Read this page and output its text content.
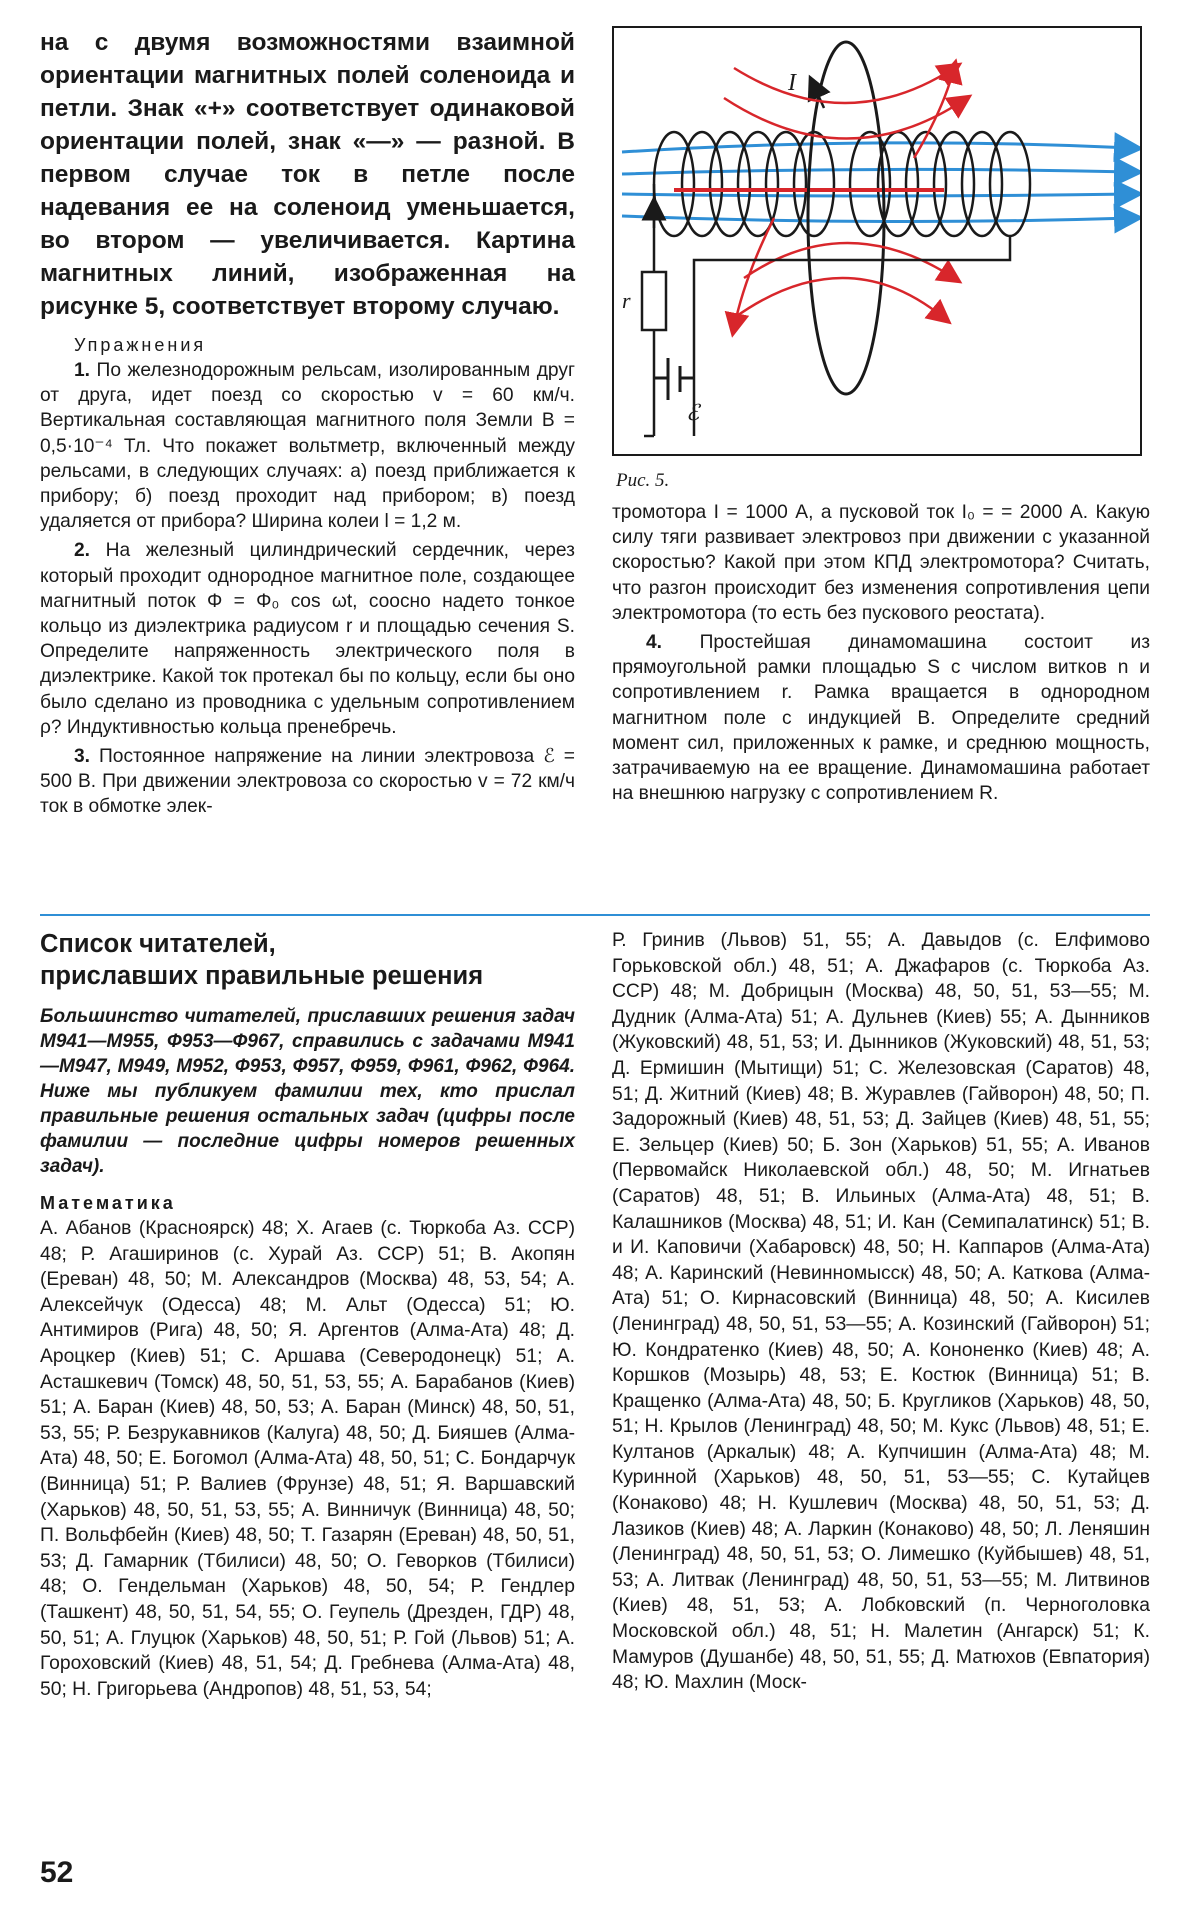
на с двумя возможностями взаимной ориентации магнитных полей соленоида и петли. Знак «+» соответствует одинаковой ориентации полей, знак «—» — разной. В первом случае ток в петле после надевания ее на соленоид уменьшается, во втором — увеличивается. Картина магнитных линий, изображенная на рисунке 5, соответствует второму случаю.

Упражнения

1. По железнодорожным рельсам, изолированным друг от друга, идет поезд со скоростью v = 60 км/ч. Вертикальная составляющая магнитного поля Земли B = 0,5·10⁻⁴ Тл. Что покажет вольтметр, включенный между рельсами, в следующих случаях: а) поезд приближается к прибору; б) поезд проходит над прибором; в) поезд удаляется от прибора? Ширина колеи l = 1,2 м.

2. На железный цилиндрический сердечник, через который проходит однородное магнитное поле, создающее магнитный поток Φ = Φ₀ cos ωt, соосно надето тонкое кольцо из диэлектрика радиусом r и площадью сечения S. Определите напряженность электрического поля в диэлектрике. Какой ток протекал бы по кольцу, если бы оно было сделано из проводника с удельным сопротивлением ρ? Индуктивностью кольца пренебречь.

3. Постоянное напряжение на линии электровоза ℰ = 500 В. При движении электровоза со скоростью v = 72 км/ч ток в обмотке элек-

I
r
ℰ
Рис. 5.

тромотора I = 1000 А, а пусковой ток I₀ = = 2000 А. Какую силу тяги развивает электровоз при движении с указанной скоростью? Какой при этом КПД электромотора? Считать, что разгон происходит без изменения сопротивления цепи электромотора (то есть без пускового реостата).

4. Простейшая динамомашина состоит из прямоугольной рамки площадью S с числом витков n и сопротивлением r. Рамка вращается в однородном магнитном поле с индукцией B. Определите средний момент сил, приложенных к рамке, и среднюю мощность, затрачиваемую на ее вращение. Динамомашина работает на внешнюю нагрузку с сопротивлением R.

Список читателей,
приславших правильные решения

Большинство читателей, приславших решения задач М941—М955, Ф953—Ф967, справились с задачами М941—М947, М949, М952, Ф953, Ф957, Ф959, Ф961, Ф962, Ф964. Ниже мы публикуем фамилии тех, кто прислал правильные решения остальных задач (цифры после фамилии — последние цифры номеров решенных задач).

Математика

А. Абанов (Красноярск) 48; Х. Агаев (с. Тюркоба Аз. ССР) 48; Р. Агаширинов (с. Хурай Аз. ССР) 51; В. Акопян (Ереван) 48, 50; М. Александров (Москва) 48, 53, 54; А. Алексейчук (Одесса) 48; М. Альт (Одесса) 51; Ю. Антимиров (Рига) 48, 50; Я. Аргентов (Алма-Ата) 48; Д. Ароцкер (Киев) 51; С. Аршава (Северодонецк) 51; А. Асташкевич (Томск) 48, 50, 51, 53, 55; А. Барабанов (Киев) 51; А. Баран (Киев) 48, 50, 53; А. Баран (Минск) 48, 50, 51, 53, 55; Р. Безрукавников (Калуга) 48, 50; Д. Бияшев (Алма-Ата) 48, 50; Е. Богомол (Алма-Ата) 48, 50, 51; С. Бондарчук (Винница) 51; Р. Валиев (Фрунзе) 48, 51; Я. Варшавский (Харьков) 48, 50, 51, 53, 55; А. Винничук (Винница) 48, 50; П. Вольфбейн (Киев) 48, 50; Т. Газарян (Ереван) 48, 50, 51, 53; Д. Гамарник (Тбилиси) 48, 50; О. Геворков (Тбилиси) 48; О. Гендельман (Харьков) 48, 50, 54; Р. Гендлер (Ташкент) 48, 50, 51, 54, 55; О. Геупель (Дрезден, ГДР) 48, 50, 51; А. Глуцюк (Харьков) 48, 50, 51; Р. Гой (Львов) 51; А. Гороховский (Киев) 48, 51, 54; Д. Гребнева (Алма-Ата) 48, 50; Н. Григорьева (Андропов) 48, 51, 53, 54;

Р. Гринив (Львов) 51, 55; А. Давыдов (с. Елфимово Горьковской обл.) 48, 51; А. Джафаров (с. Тюркоба Аз. ССР) 48; М. Добрицын (Москва) 48, 50, 51, 53—55; М. Дудник (Алма-Ата) 51; А. Дульнев (Киев) 55; А. Дынников (Жуковский) 48, 51, 53; И. Дынников (Жуковский) 48, 51, 53; Д. Ермишин (Мытищи) 51; С. Железовская (Саратов) 48, 51; Д. Житний (Киев) 48; В. Журавлев (Гайворон) 48, 50; П. Задорожный (Киев) 48, 51, 53; Д. Зайцев (Киев) 48, 51, 55; Е. Зельцер (Киев) 50; Б. Зон (Харьков) 51, 55; А. Иванов (Первомайск Николаевской обл.) 48, 50; М. Игнатьев (Саратов) 48, 51; В. Ильиных (Алма-Ата) 48, 51; В. Калашников (Москва) 48, 51; И. Кан (Семипалатинск) 51; В. и И. Каповичи (Хабаровск) 48, 50; Н. Каппаров (Алма-Ата) 48; А. Каринский (Невинномысск) 48, 50; А. Каткова (Алма-Ата) 51; О. Кирнасовский (Винница) 48, 50; А. Кисилев (Ленинград) 48, 50, 51, 53—55; А. Козинский (Гайворон) 51; Ю. Кондратенко (Киев) 48, 50; А. Кононенко (Киев) 48; А. Коршков (Мозырь) 48, 53; Е. Костюк (Винница) 51; В. Кращенко (Алма-Ата) 48, 50; Б. Кругликов (Харьков) 48, 50, 51; Н. Крылов (Ленинград) 48, 50; М. Кукс (Львов) 48, 51; Е. Култанов (Аркалык) 48; А. Купчишин (Алма-Ата) 48; М. Куринной (Харьков) 48, 50, 51, 53—55; С. Кутайцев (Конаково) 48; Н. Кушлевич (Москва) 48, 50, 51, 53; Д. Лазиков (Киев) 48; А. Ларкин (Конаково) 48, 50; Л. Леняшин (Ленинград) 48, 50, 51, 53; О. Лимешко (Куйбышев) 48, 51, 53; А. Литвак (Ленинград) 48, 50, 51, 53—55; М. Литвинов (Киев) 48, 51, 53; А. Лобковский (п. Черноголовка Московской обл.) 48, 51; Н. Малетин (Ангарск) 51; К. Мамуров (Душанбе) 48, 50, 51, 55; Д. Матюхов (Евпатория) 48; Ю. Махлин (Моск-

52
